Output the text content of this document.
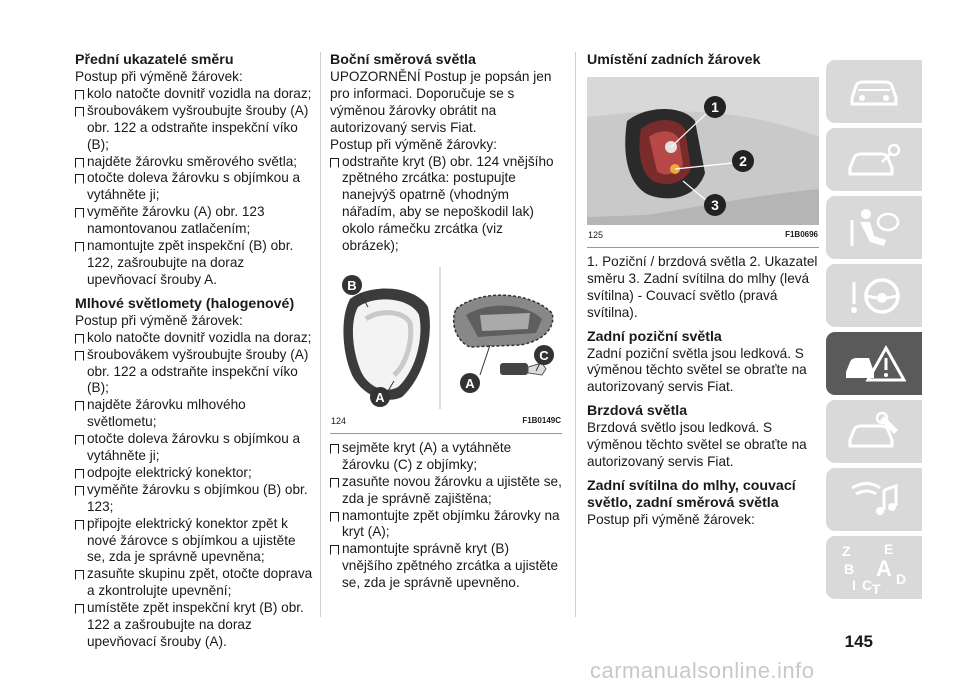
Přední ukazatelé směru

Postup při výměně žárovek:

kolo natočte dovnitř vozidla na doraz;

šroubovákem vyšroubujte šrouby (A) obr. 122 a odstraňte inspekční víko (B);

najděte žárovku směrového světla;

otočte doleva žárovku s objímkou a vytáhněte ji;

vyměňte žárovku (A) obr. 123 namontovanou zatlačením;

namontujte zpět inspekční (B) obr. 122, zašroubujte na doraz upevňovací šrouby A.

Mlhové světlomety (halogenové)

Postup při výměně žárovek:

kolo natočte dovnitř vozidla na doraz;

šroubovákem vyšroubujte šrouby (A) obr. 122 a odstraňte inspekční víko (B);

najděte žárovku mlhového světlometu;

otočte doleva žárovku s objímkou a vytáhněte ji;

odpojte elektrický konektor;

vyměňte žárovku s objímkou (B) obr. 123;

připojte elektrický konektor zpět k nové žárovce s objímkou a ujistěte se, zda je správně upevněna;

zasuňte skupinu zpět, otočte doprava a zkontrolujte upevnění;

umístěte zpět inspekční kryt (B) obr. 122 a zašroubujte na doraz upevňovací šrouby (A).

Boční směrová světla

UPOZORNĚNÍ Postup je popsán jen pro informaci. Doporučuje se s výměnou žárovky obrátit na autorizovaný servis Fiat.

Postup při výměně žárovky:

odstraňte kryt (B) obr. 124 vnějšího zpětného zrcátka: postupujte nanejvýš opatrně (vhodným nářadím, aby se nepoškodil lak) okolo rámečku zrcátka (viz obrázek);

B
A
A
C
124	F1B0149C

sejměte kryt (A) a vytáhněte žárovku (C) z objímky;

zasuňte novou žárovku a ujistěte se, zda je správně zajištěna;

namontujte zpět objímku žárovky na kryt (A);

namontujte správně kryt (B) vnějšího zpětného zrcátka a ujistěte se, zda je správně upevněno.

Umístění zadních žárovek
1
2
3
125	F1B0696

1. Poziční / brzdová světla 2. Ukazatel směru 3. Zadní svítilna do mlhy (levá svítilna) - Couvací světlo (pravá svítilna).

Zadní poziční světla

Zadní poziční světla jsou ledková. S výměnou těchto světel se obraťte na autorizovaný servis Fiat.

Brzdová světla

Brzdová světlo jsou ledková. S výměnou těchto světel se obraťte na autorizovaný servis Fiat.

Zadní svítilna do mlhy, couvací světlo, zadní směrová světla

Postup při výměně žárovek:

Z E
B A
I C T
D
145
carmanualsonline.info
